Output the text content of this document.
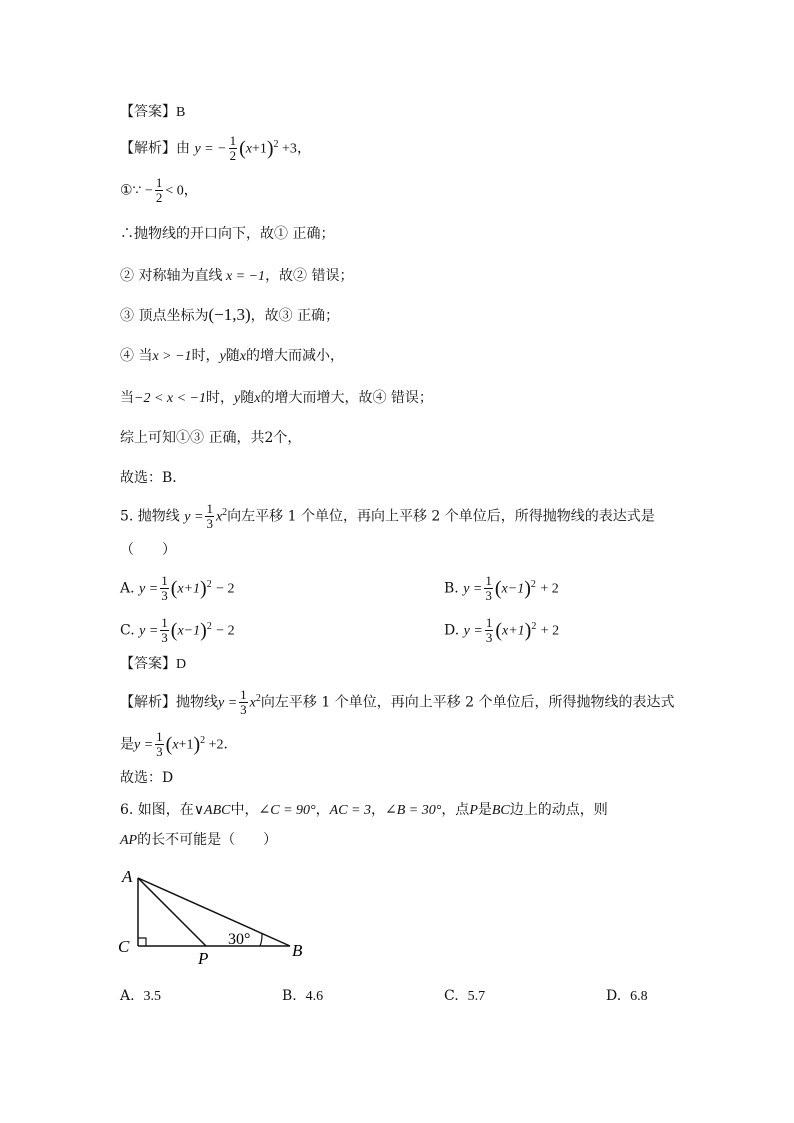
【答案】B
【解析】由 y = − $\frac{1}{2} (x+1)^2 +3$，
①∵ − $\frac{1}{2} < 0$，
∴抛物线的开口向下，故① 正确；
② 对称轴为直线 x = −1，故② 错误；
③ 顶点坐标为(−1,3)，故③ 正确；
④ 当x > −1时，y随x的增大而减小，
当−2 < x < −1时，y随x的增大而增大，故④ 错误；
综上可知①③ 正确，共2个，
故选：B．
5. 抛物线 $y = \frac{1}{3} x^2$向左平移 1 个单位，再向上平移 2 个单位后，所得抛物线的表达式是
（　　）
A. $y = \frac{1}{3} (x+1)^2 - 2$	B. $y = \frac{1}{3} (x-1)^2 + 2$
C. $y = \frac{1}{3} (x-1)^2 - 2$	D. $y = \frac{1}{3} (x+1)^2 + 2$
【答案】D
【解析】抛物线$y = \frac{1}{3} x^2$向左平移 1 个单位，再向上平移 2 个单位后，所得抛物线的表达式
是$y = \frac{1}{3} (x+1)^2 +2$．
故选：D
6. 如图，在∨ABC中，∠C = 90°，AC = 3，∠B = 30°，点P是BC边上的动点，则
AP的长不可能是（　　）
A
C
P	B
30°
A. 3.5	B. 4.6	C. 5.7	D. 6.8
